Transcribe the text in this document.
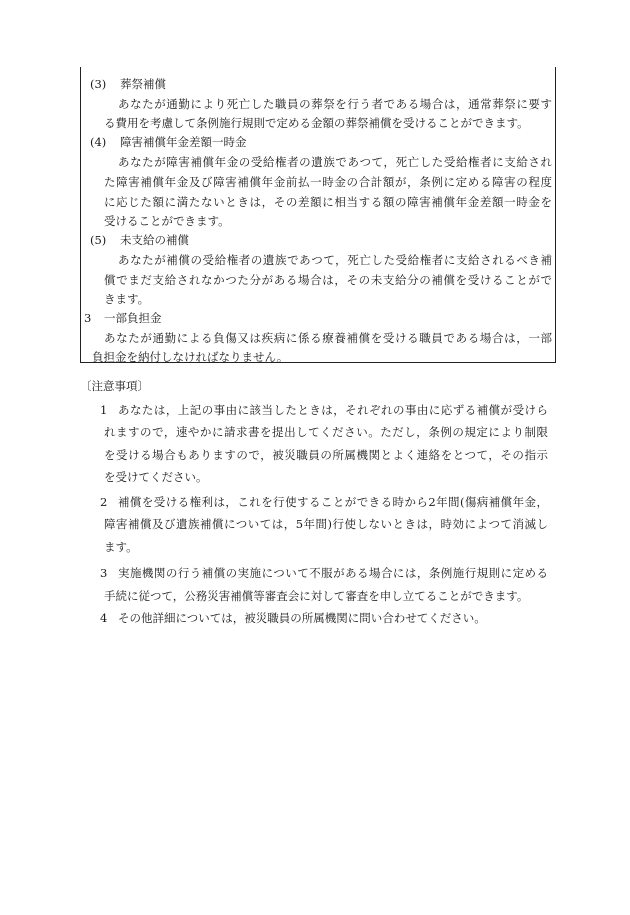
(3) 葬祭補償
あなたが通勤により死亡した職員の葬祭を行う者である場合は，通常葬祭に要す
る費用を考慮して条例施行規則で定める金額の葬祭補償を受けることができます。
(4) 障害補償年金差額一時金
あなたが障害補償年金の受給権者の遺族であつて，死亡した受給権者に支給され
た障害補償年金及び障害補償年金前払一時金の合計額が，条例に定める障害の程度
に応じた額に満たないときは，その差額に相当する額の障害補償年金差額一時金を
受けることができます。
(5) 未支給の補償
あなたが補償の受給権者の遺族であつて，死亡した受給権者に支給されるべき補
償でまだ支給されなかつた分がある場合は，その未支給分の補償を受けることがで
きます。
3 一部負担金
あなたが通勤による負傷又は疾病に係る療養補償を受ける職員である場合は，一部
負担金を納付しなければなりません。
〔注意事項〕
1 あなたは，上記の事由に該当したときは，それぞれの事由に応ずる補償が受けら
れますので，速やかに請求書を提出してください。ただし，条例の規定により制限
を受ける場合もありますので，被災職員の所属機関とよく連絡をとつて，その指示
を受けてください。
2 補償を受ける権利は，これを行使することができる時から2年間(傷病補償年金，
障害補償及び遺族補償については，5年間)行使しないときは，時効によつて消滅し
ます。
3 実施機関の行う補償の実施について不服がある場合には，条例施行規則に定める
手続に従つて，公務災害補償等審査会に対して審査を申し立てることができます。
4 その他詳細については，被災職員の所属機関に問い合わせてください。
